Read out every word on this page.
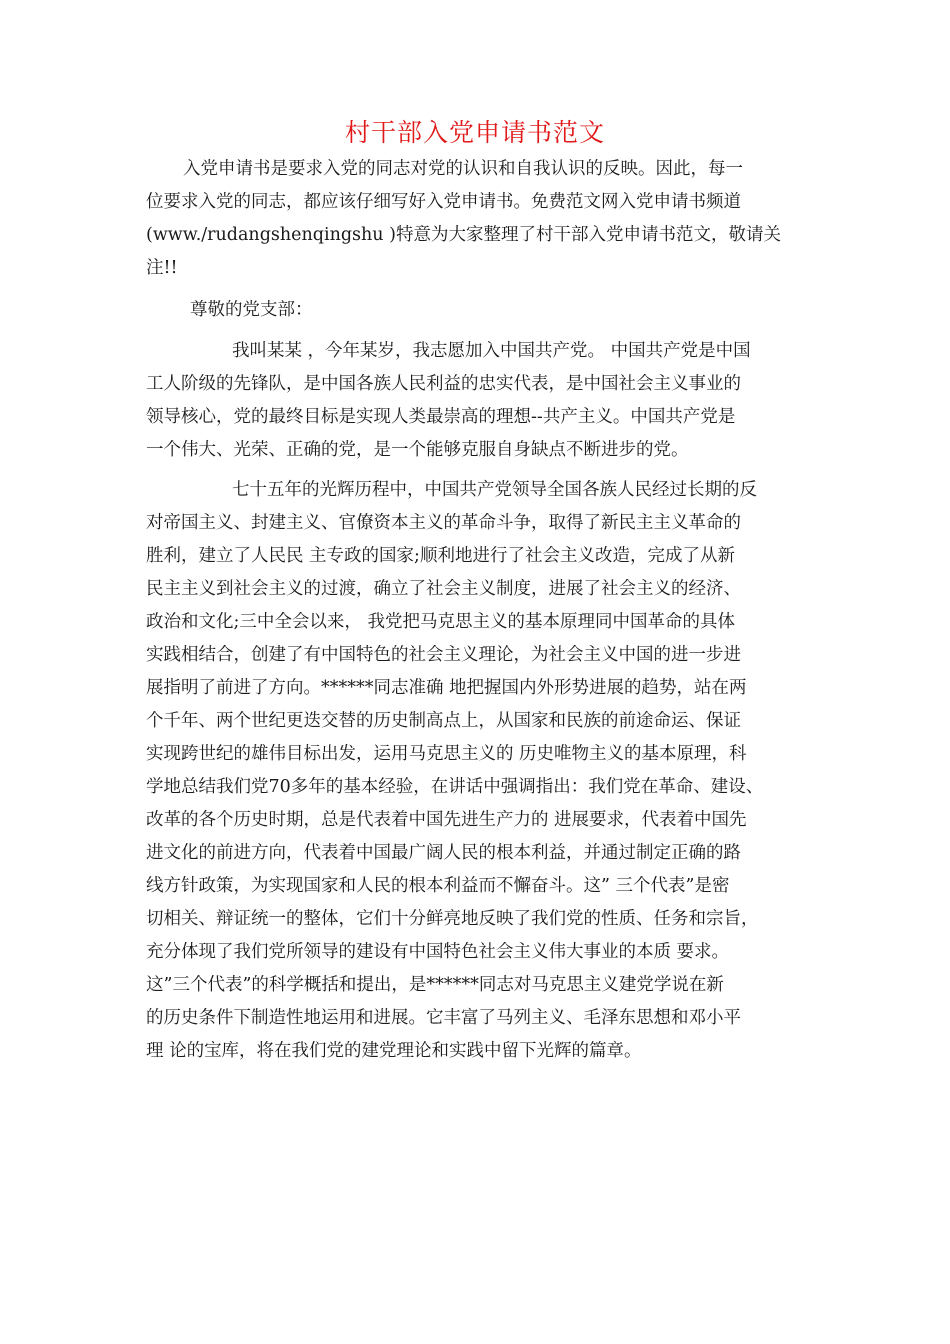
村干部入党申请书范文
入党申请书是要求入党的同志对党的认识和自我认识的反映。因此，每一
位要求入党的同志，都应该仔细写好入党申请书。免费范文网入党申请书频道
(www./rudangshenqingshu )特意为大家整理了村干部入党申请书范文，敬请关
注!!
尊敬的党支部：
我叫某某 ，今年某岁，我志愿加入中国共产党。 中国共产党是中国
工人阶级的先锋队，是中国各族人民利益的忠实代表，是中国社会主义事业的
领导核心，党的最终目标是实现人类最崇高的理想--共产主义。中国共产党是
一个伟大、光荣、正确的党，是一个能够克服自身缺点不断进步的党。
七十五年的光辉历程中，中国共产党领导全国各族人民经过长期的反
对帝国主义、封建主义、官僚资本主义的革命斗争，取得了新民主主义革命的
胜利，建立了人民民 主专政的国家;顺利地进行了社会主义改造，完成了从新
民主主义到社会主义的过渡，确立了社会主义制度，进展了社会主义的经济、
政治和文化;三中全会以来， 我党把马克思主义的基本原理同中国革命的具体
实践相结合，创建了有中国特色的社会主义理论，为社会主义中国的进一步进
展指明了前进了方向。******同志准确 地把握国内外形势进展的趋势，站在两
个千年、两个世纪更迭交替的历史制高点上，从国家和民族的前途命运、保证
实现跨世纪的雄伟目标出发，运用马克思主义的 历史唯物主义的基本原理，科
学地总结我们党70多年的基本经验，在讲话中强调指出：我们党在革命、建设、
改革的各个历史时期，总是代表着中国先进生产力的 进展要求，代表着中国先
进文化的前进方向，代表着中国最广阔人民的根本利益，并通过制定正确的路
线方针政策，为实现国家和人民的根本利益而不懈奋斗。这” 三个代表”是密
切相关、辩证统一的整体，它们十分鲜亮地反映了我们党的性质、任务和宗旨，
充分体现了我们党所领导的建设有中国特色社会主义伟大事业的本质 要求。
这”三个代表”的科学概括和提出，是******同志对马克思主义建党学说在新
的历史条件下制造性地运用和进展。它丰富了马列主义、毛泽东思想和邓小平
理 论的宝库，将在我们党的建党理论和实践中留下光辉的篇章。
